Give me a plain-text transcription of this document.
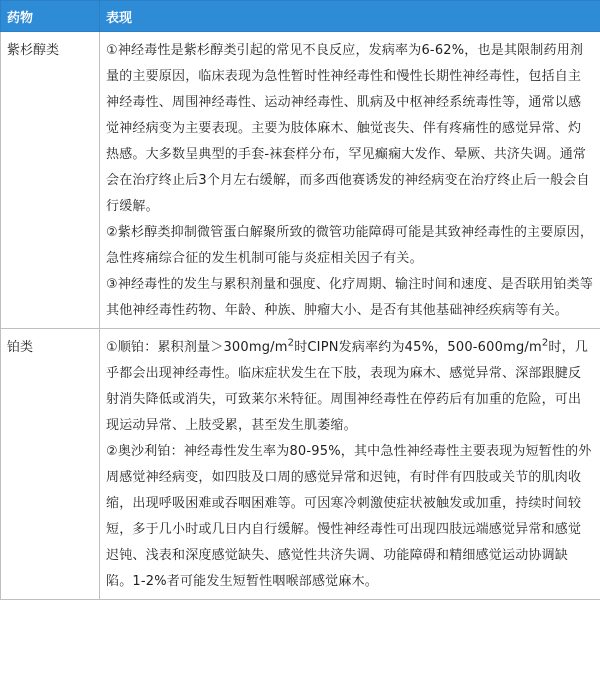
药物	表现
紫杉醇类	①神经毒性是紫杉醇类引起的常见不良反应，发病率为6-62%，也是其限制药用剂量的主要原因，临床表现为急性暂时性神经毒性和慢性长期性神经毒性，包括自主神经毒性、周围神经毒性、运动神经毒性、肌病及中枢神经系统毒性等，通常以感觉神经病变为主要表现。主要为肢体麻木、触觉丧失、伴有疼痛性的感觉异常、灼热感。大多数呈典型的手套-袜套样分布，罕见癫痫大发作、晕厥、共济失调。通常会在治疗终止后3个月左右缓解，而多西他赛诱发的神经病变在治疗终止后一般会自行缓解。

②紫杉醇类抑制微管蛋白解聚所致的微管功能障碍可能是其致神经毒性的主要原因，急性疼痛综合征的发生机制可能与炎症相关因子有关。

③神经毒性的发生与累积剂量和强度、化疗周期、输注时间和速度、是否联用铂类等其他神经毒性药物、年龄、种族、肿瘤大小、是否有其他基础神经疾病等有关。

铂类	①顺铂：累积剂量$>300mg/m^2$时CIPN发病率约为45%，$500-600mg/m^2$时，几乎都会出现神经毒性。临床症状发生在下肢，表现为麻木、感觉异常、深部跟腱反射消失降低或消失，可致莱尔米特征。周围神经毒性在停药后有加重的危险，可出现运动异常、上肢受累，甚至发生肌萎缩。

②奥沙利铂：神经毒性发生率为80-95%，其中急性神经毒性主要表现为短暂性的外周感觉神经病变，如四肢及口周的感觉异常和迟钝，有时伴有四肢或关节的肌肉收缩，出现呼吸困难或吞咽困难等。可因寒冷刺激使症状被触发或加重，持续时间较短，多于几小时或几日内自行缓解。慢性神经毒性可出现四肢远端感觉异常和感觉迟钝、浅表和深度感觉缺失、感觉性共济失调、功能障碍和精细感觉运动协调缺陷。1-2%者可能发生短暂性咽喉部感觉麻木。
